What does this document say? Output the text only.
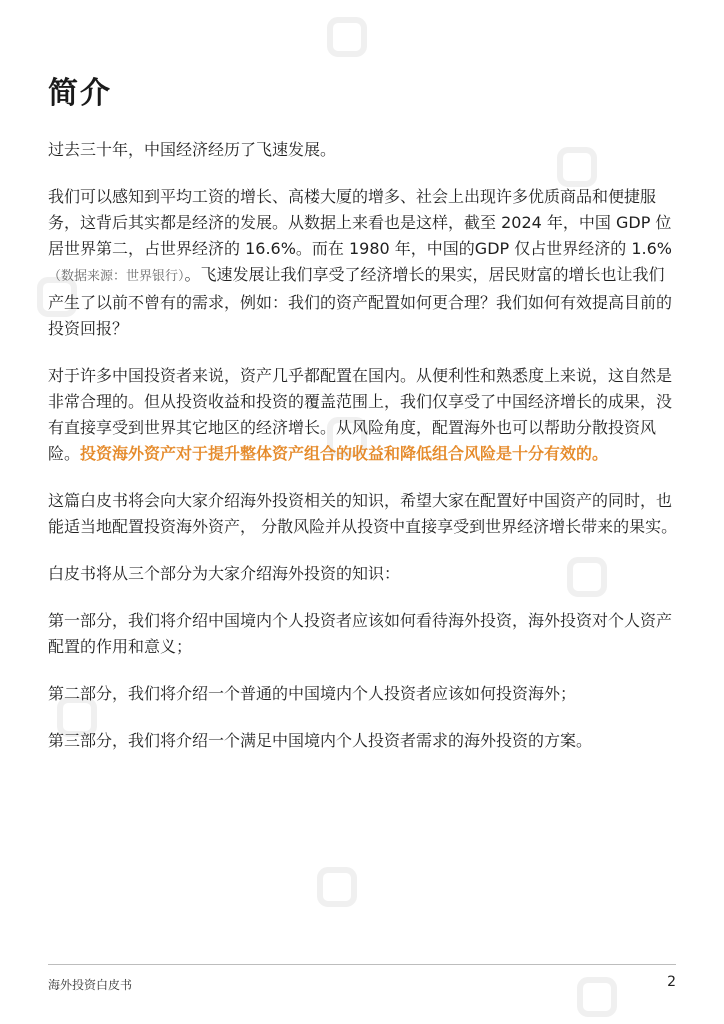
简介

过去三十年，中国经济经历了飞速发展。

我们可以感知到平均工资的增长、高楼大厦的增多、社会上出现许多优质商品和便捷服务，这背后其实都是经济的发展。从数据上来看也是这样，截至 2024 年，中国 GDP 位居世界第二，占世界经济的 16.6%。而在 1980 年，中国的GDP 仅占世界经济的 1.6%（数据来源：世界银行）。飞速发展让我们享受了经济增长的果实，居民财富的增长也让我们产生了以前不曾有的需求，例如：我们的资产配置如何更合理？我们如何有效提高目前的投资回报？

对于许多中国投资者来说，资产几乎都配置在国内。从便利性和熟悉度上来说，这自然是非常合理的。但从投资收益和投资的覆盖范围上，我们仅享受了中国经济增长的成果，没有直接享受到世界其它地区的经济增长。从风险角度，配置海外也可以帮助分散投资风险。投资海外资产对于提升整体资产组合的收益和降低组合风险是十分有效的。

这篇白皮书将会向大家介绍海外投资相关的知识，希望大家在配置好中国资产的同时，也能适当地配置投资海外资产， 分散风险并从投资中直接享受到世界经济增长带来的果实。

白皮书将从三个部分为大家介绍海外投资的知识：

第一部分，我们将介绍中国境内个人投资者应该如何看待海外投资，海外投资对个人资产配置的作用和意义；

第二部分，我们将介绍一个普通的中国境内个人投资者应该如何投资海外；

第三部分，我们将介绍一个满足中国境内个人投资者需求的海外投资的方案。

海外投资白皮书	2
